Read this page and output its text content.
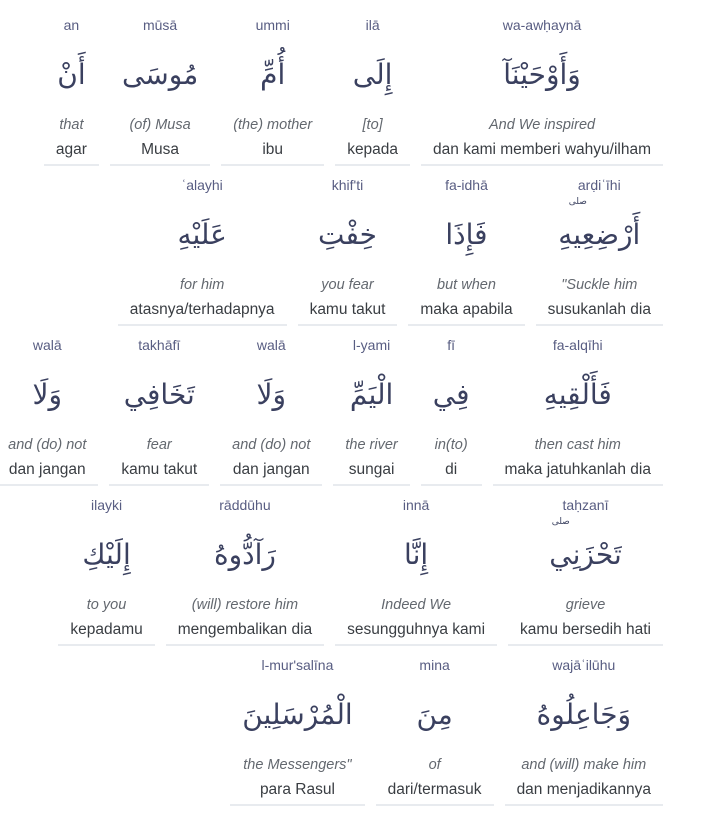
wa-awḥaynā
وَأَوْحَيْنَآ
And We inspired
dan kami memberi wahyu/ilham
ilā
إِلَى
[to]
kepada
ummi
أُمِّ
(the) mother
ibu
mūsā
مُوسَى
(of) Musa
Musa
an
أَنْ
that
agar
arḍiʿīhi
صلى
أَرْضِعِيهِ
"Suckle him
susukanlah dia
fa-idhā
فَإِذَا
but when
maka apabila
khif'ti
خِفْتِ
you fear
kamu takut
ʿalayhi
عَلَيْهِ
for him
atasnya/terhadapnya
fa-alqīhi
فَأَلْقِيهِ
then cast him
maka jatuhkanlah dia
fī
فِي
in(to)
di
l-yami
الْيَمِّ
the river
sungai
walā
وَلَا
and (do) not
dan jangan
takhāfī
تَخَافِي
fear
kamu takut
walā
وَلَا
and (do) not
dan jangan
taḥzanī
صلى
تَحْزَنِي
grieve
kamu bersedih hati
innā
إِنَّا
Indeed We
sesungguhnya kami
rāddūhu
رَآدُّوهُ
(will) restore him
mengembalikan dia
ilayki
إِلَيْكِ
to you
kepadamu
wajāʿilūhu
وَجَاعِلُوهُ
and (will) make him
dan menjadikannya
mina
مِنَ
of
dari/termasuk
l-mur'salīna
الْمُرْسَلِينَ
the Messengers"
para Rasul
